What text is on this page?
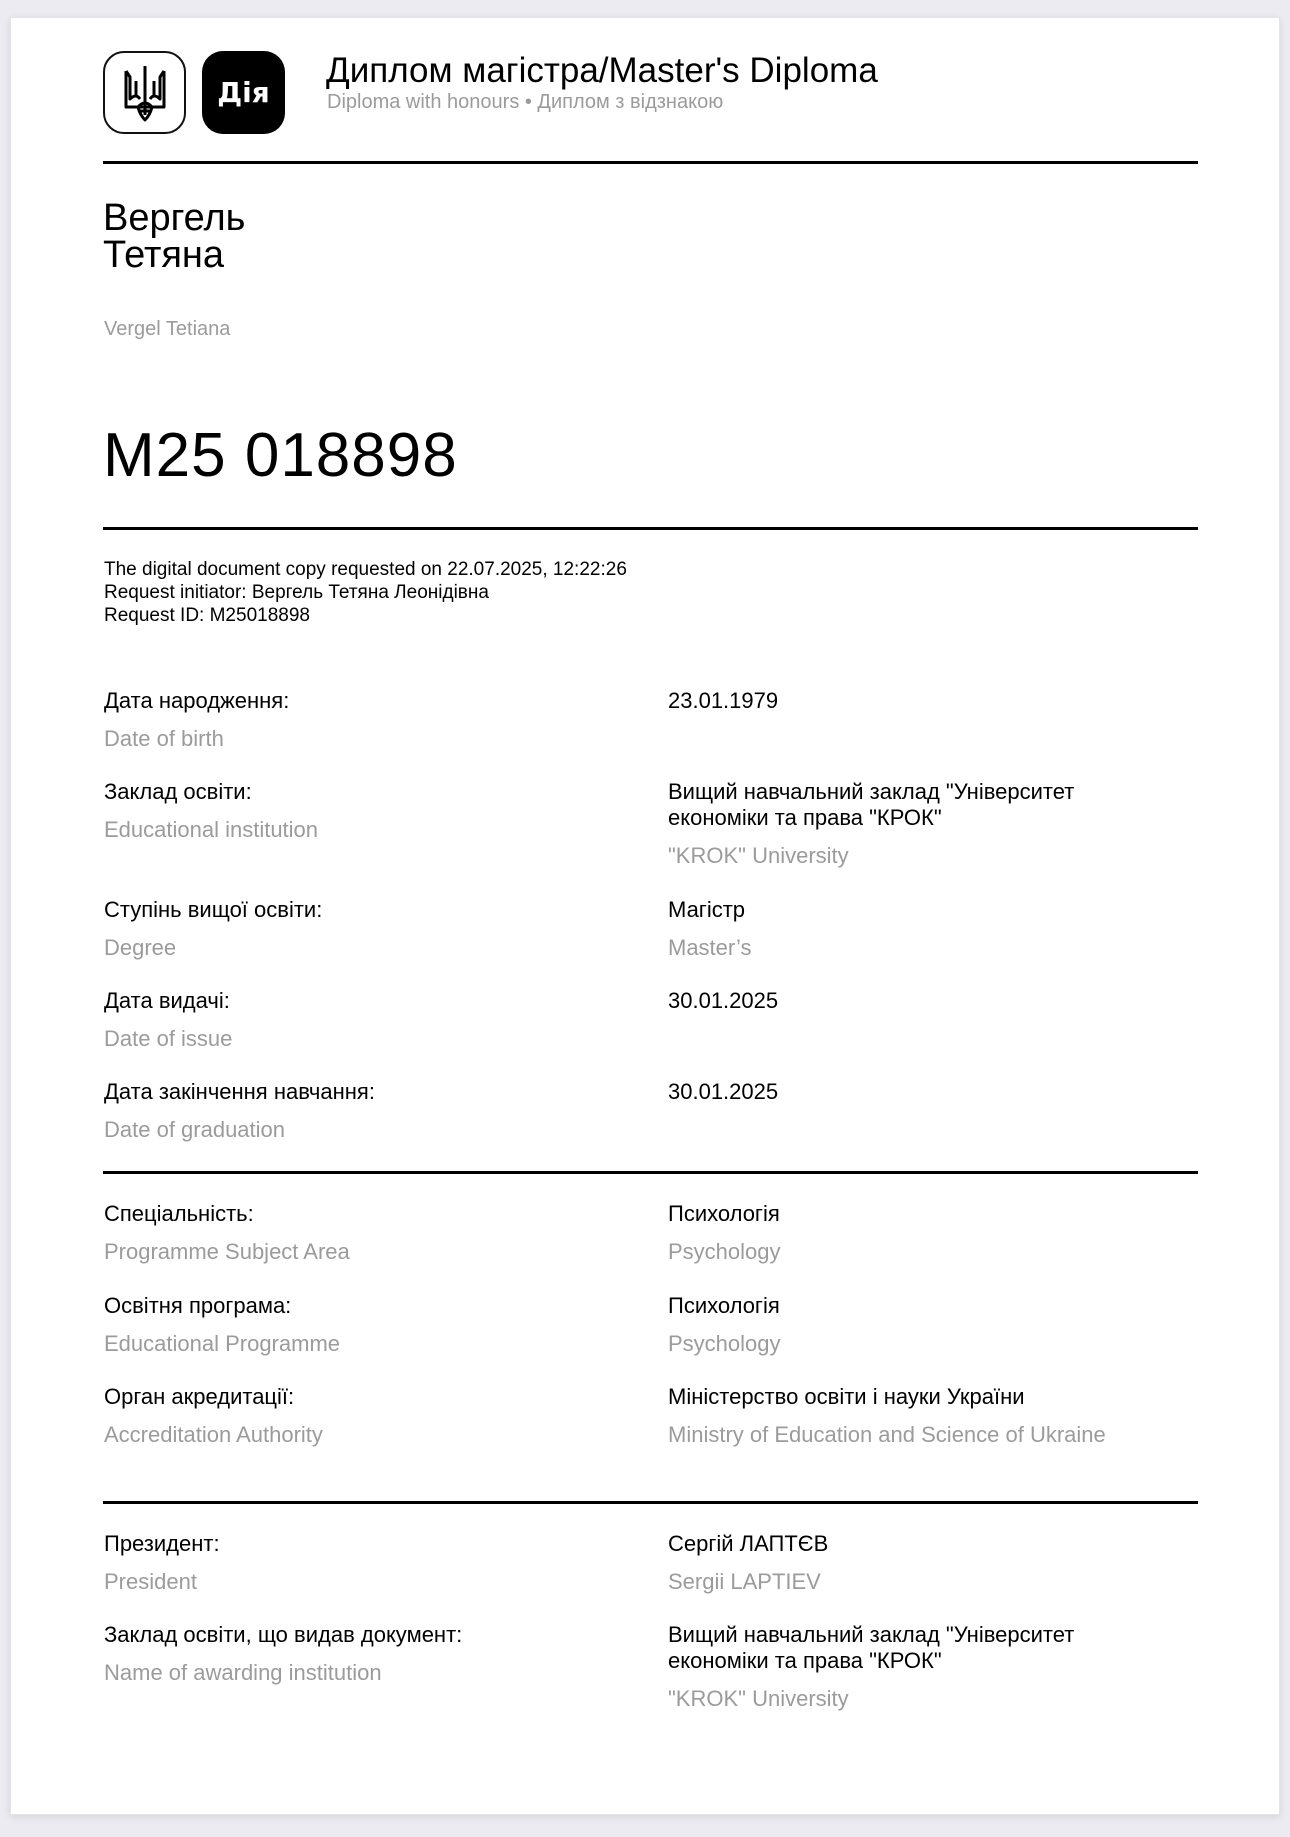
Дія
Диплом магістра/Master's Diploma
Diploma with honours • Диплом з відзнакою
Вергель
Тетяна
Vergel Tetiana
M25 018898
The digital document copy requested on 22.07.2025, 12:22:26
Request initiator: Вергель Тетяна Леонідівна
Request ID: M25018898
Дата народження:
Date of birth
23.01.1979
Заклад освіти:
Educational institution
Вищий навчальний заклад "Університет економіки та права "КРОК"
"KROK" University
Ступінь вищої освіти:
Degree
Магістр
Master’s
Дата видачі:
Date of issue
30.01.2025
Дата закінчення навчання:
Date of graduation
30.01.2025
Спеціальність:
Programme Subject Area
Психологія
Psychology
Освітня програма:
Educational Programme
Психологія
Psychology
Орган акредитації:
Accreditation Authority
Міністерство освіти і науки України
Ministry of Education and Science of Ukraine
Президент:
President
Сергій ЛАПТЄВ
Sergii LAPTIEV
Заклад освіти, що видав документ:
Name of awarding institution
Вищий навчальний заклад "Університет економіки та права "КРОК"
"KROK" University
